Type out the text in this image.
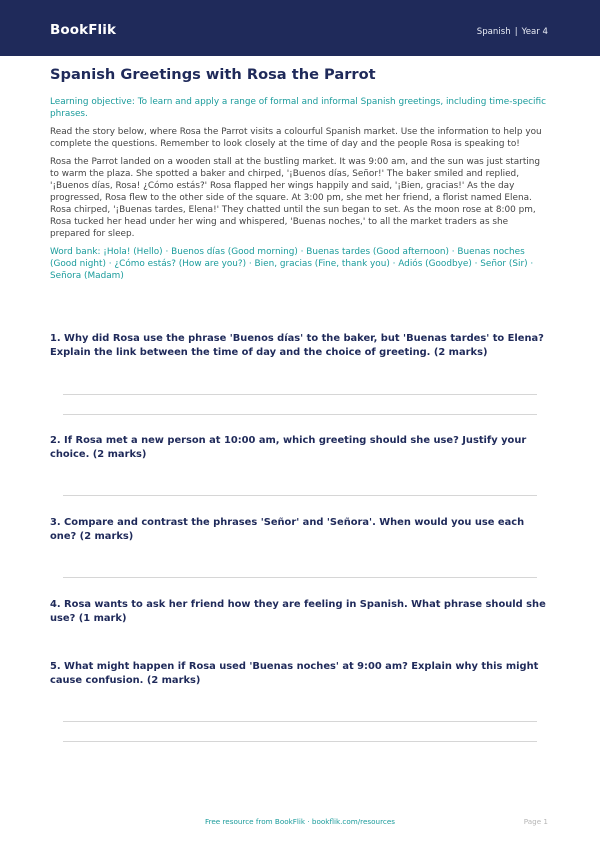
BookFlik	Spanish | Year 4
Spanish Greetings with Rosa the Parrot
Learning objective: To learn and apply a range of formal and informal Spanish greetings, including time-specific phrases.
Read the story below, where Rosa the Parrot visits a colourful Spanish market. Use the information to help you complete the questions. Remember to look closely at the time of day and the people Rosa is speaking to!
Rosa the Parrot landed on a wooden stall at the bustling market. It was 9:00 am, and the sun was just starting to warm the plaza. She spotted a baker and chirped, '¡Buenos días, Señor!' The baker smiled and replied, '¡Buenos días, Rosa! ¿Cómo estás?' Rosa flapped her wings happily and said, '¡Bien, gracias!' As the day progressed, Rosa flew to the other side of the square. At 3:00 pm, she met her friend, a florist named Elena. Rosa chirped, '¡Buenas tardes, Elena!' They chatted until the sun began to set. As the moon rose at 8:00 pm, Rosa tucked her head under her wing and whispered, 'Buenas noches,' to all the market traders as she prepared for sleep.
Word bank: ¡Hola! (Hello) · Buenos días (Good morning) · Buenas tardes (Good afternoon) · Buenas noches (Good night) · ¿Cómo estás? (How are you?) · Bien, gracias (Fine, thank you) · Adiós (Goodbye) · Señor (Sir) · Señora (Madam)
1. Why did Rosa use the phrase 'Buenos días' to the baker, but 'Buenas tardes' to Elena? Explain the link between the time of day and the choice of greeting. (2 marks)
2. If Rosa met a new person at 10:00 am, which greeting should she use? Justify your choice. (2 marks)
3. Compare and contrast the phrases 'Señor' and 'Señora'. When would you use each one? (2 marks)
4. Rosa wants to ask her friend how they are feeling in Spanish. What phrase should she use? (1 mark)
5. What might happen if Rosa used 'Buenas noches' at 9:00 am? Explain why this might cause confusion. (2 marks)
Free resource from BookFlik · bookflik.com/resources	Page 1
